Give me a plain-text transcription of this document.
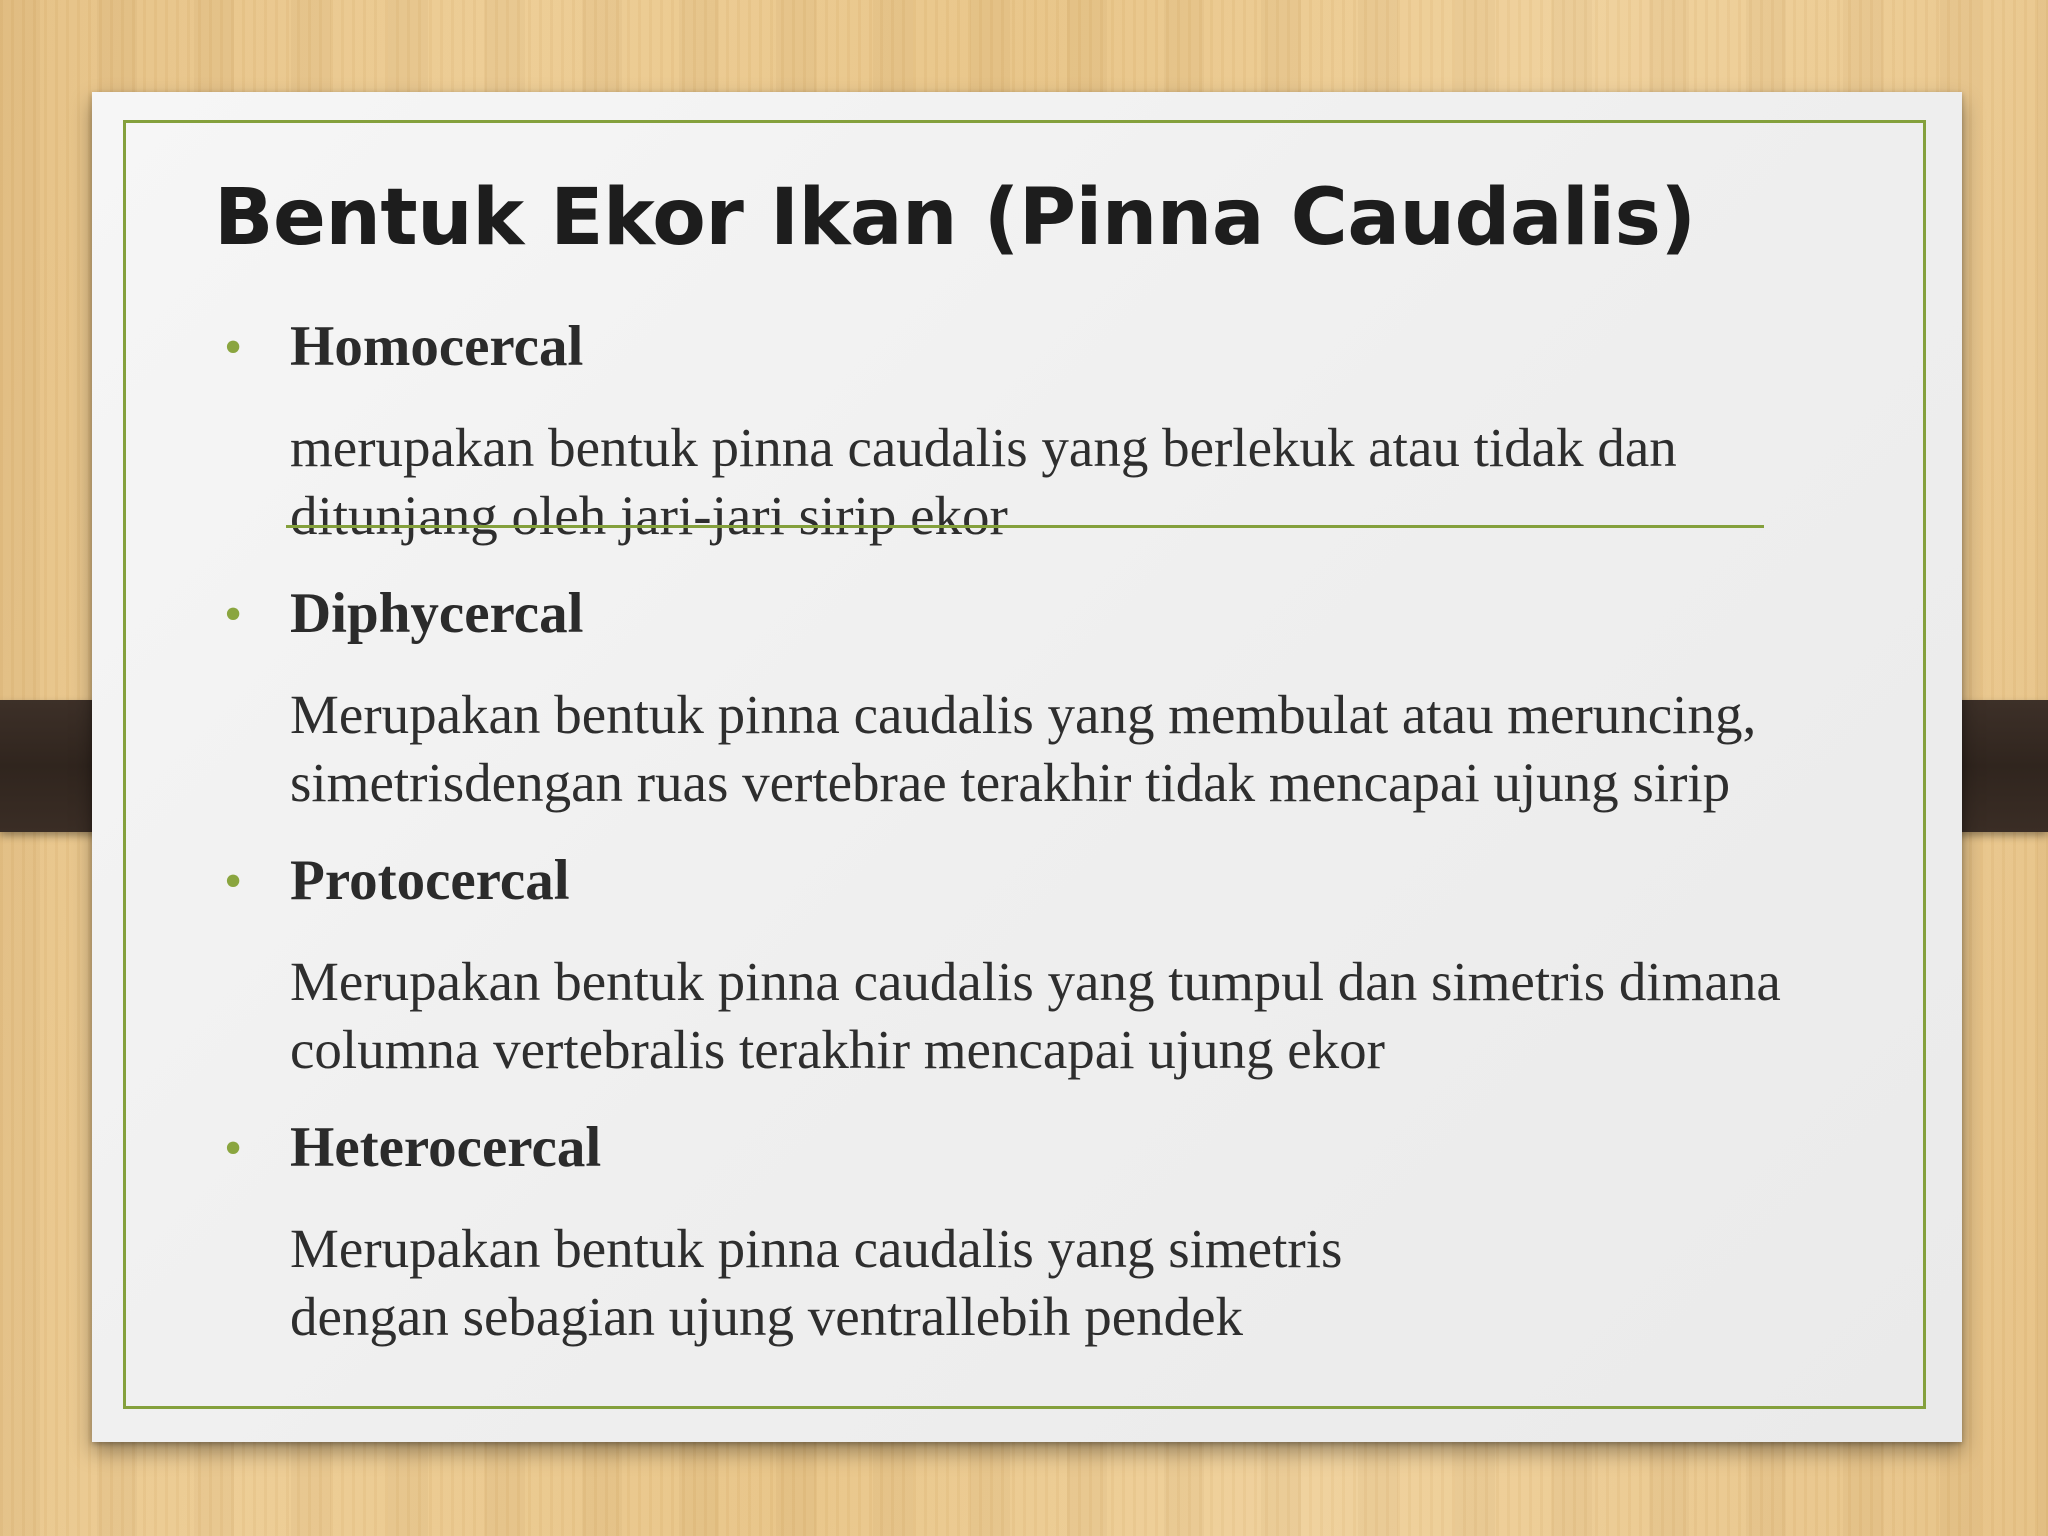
Bentuk Ekor Ikan (Pinna Caudalis)
• Homocercal
merupakan bentuk pinna caudalis yang berlekuk atau tidak dan
ditunjang oleh jari-jari sirip ekor
• Diphycercal
Merupakan bentuk pinna caudalis yang membulat atau meruncing,
simetrisdengan ruas vertebrae terakhir tidak mencapai ujung sirip
• Protocercal
Merupakan bentuk pinna caudalis yang tumpul dan simetris dimana
columna vertebralis terakhir mencapai ujung ekor
• Heterocercal
Merupakan bentuk pinna caudalis yang simetris
dengan sebagian ujung ventrallebih pendek
